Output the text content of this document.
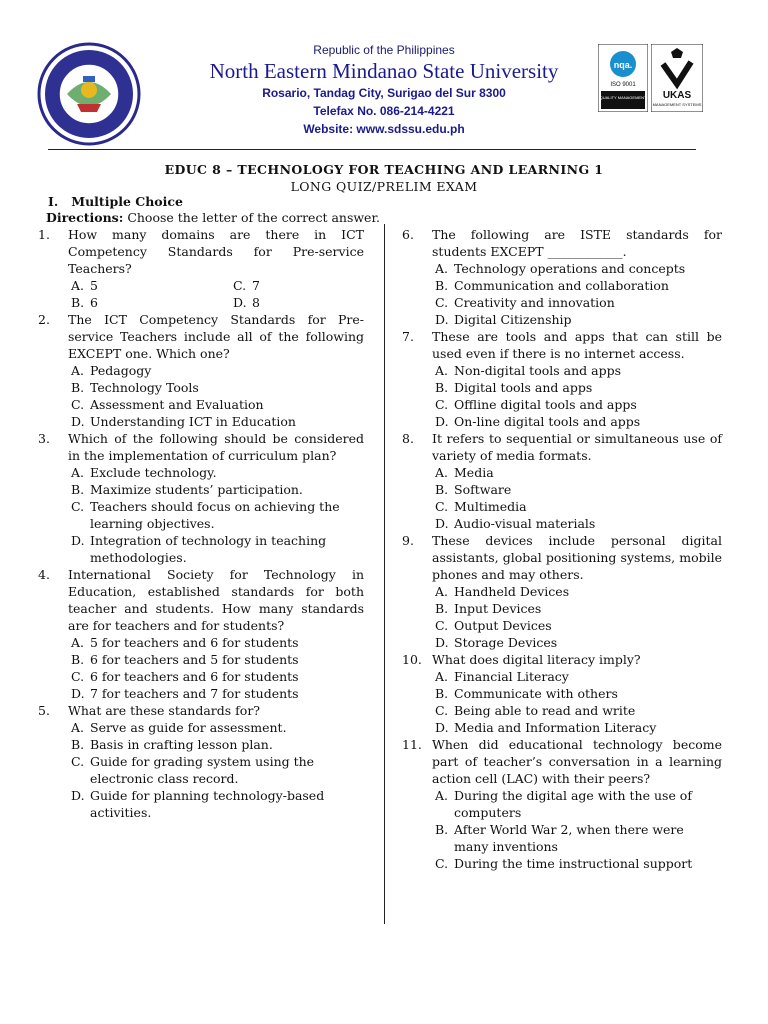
Republic of the Philippines
North Eastern Mindanao State University
Rosario, Tandag City, Surigao del Sur 8300
Telefax No. 086-214-4221
Website: www.sdssu.edu.ph
nqa.
ISO 9001
QUALITY MANAGEMENT UKAS
MANAGEMENT SYSTEMS
EDUC 8 – TECHNOLOGY FOR TEACHING AND LEARNING 1
LONG QUIZ/PRELIM EXAM
I.   Multiple Choice
Directions: Choose the letter of the correct answer.
1. How many domains are there in ICT Competency Standards for Pre-service Teachers?
A. 5	C. 7
B. 6	D. 8
2. The ICT Competency Standards for Pre-service Teachers include all of the following EXCEPT one. Which one?
A. Pedagogy
B. Technology Tools
C. Assessment and Evaluation
D. Understanding ICT in Education
3. Which of the following should be considered in the implementation of curriculum plan?
A. Exclude technology.
B. Maximize students’ participation.
C. Teachers should focus on achieving the learning objectives.
D. Integration of technology in teaching methodologies.
4. International Society for Technology in Education, established standards for both teacher and students. How many standards are for teachers and for students?
A. 5 for teachers and 6 for students
B. 6 for teachers and 5 for students
C. 6 for teachers and 6 for students
D. 7 for teachers and 7 for students
5. What are these standards for?
A. Serve as guide for assessment.
B. Basis in crafting lesson plan.
C. Guide for grading system using the electronic class record.
D. Guide for planning technology-based activities.
6. The following are ISTE standards for students EXCEPT ____________.
A. Technology operations and concepts
B. Communication and collaboration
C. Creativity and innovation
D. Digital Citizenship
7. These are tools and apps that can still be used even if there is no internet access.
A. Non-digital tools and apps
B. Digital tools and apps
C. Offline digital tools and apps
D. On-line digital tools and apps
8. It refers to sequential or simultaneous use of variety of media formats.
A. Media
B. Software
C. Multimedia
D. Audio-visual materials
9. These devices include personal digital assistants, global positioning systems, mobile phones and may others.
A. Handheld Devices
B. Input Devices
C. Output Devices
D. Storage Devices
10. What does digital literacy imply?
A. Financial Literacy
B. Communicate with others
C. Being able to read and write
D. Media and Information Literacy
11. When did educational technology become part of teacher’s conversation in a learning action cell (LAC) with their peers?
A. During the digital age with the use of computers
B. After World War 2, when there were many inventions
C. During the time instructional support
